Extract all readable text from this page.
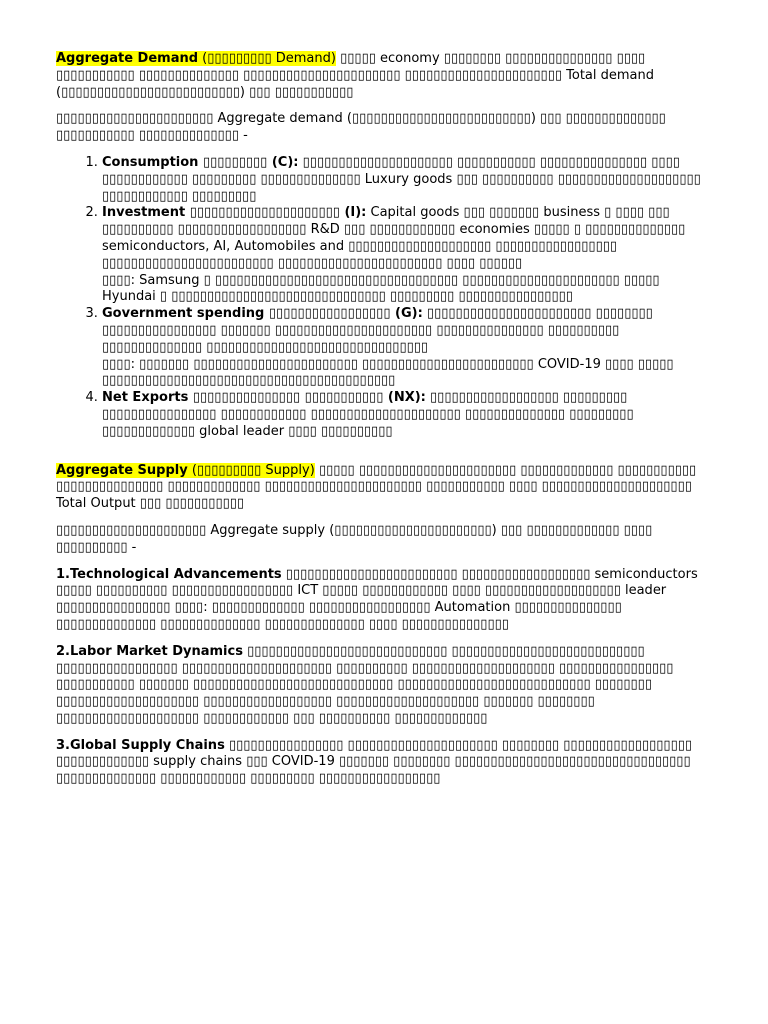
Aggregate Demand (▯▯▯▯▯▯▯▯▯ Demand) ▯▯▯▯▯ economy ▯▯▯▯▯▯▯▯ ▯▯▯▯▯▯▯▯▯▯▯▯▯▯▯ ▯▯▯▯ ▯▯▯▯▯▯▯▯▯▯▯ ▯▯▯▯▯▯▯▯▯▯▯▯▯▯ ▯▯▯▯▯▯▯▯▯▯▯▯▯▯▯▯▯▯▯▯▯▯ ▯▯▯▯▯▯▯▯▯▯▯▯▯▯▯▯▯▯▯▯▯▯ Total demand (▯▯▯▯▯▯▯▯▯▯▯▯▯▯▯▯▯▯▯▯▯▯▯▯▯) ▯▯▯ ▯▯▯▯▯▯▯▯▯▯▯

▯▯▯▯▯▯▯▯▯▯▯▯▯▯▯▯▯▯▯▯▯▯ Aggregate demand (▯▯▯▯▯▯▯▯▯▯▯▯▯▯▯▯▯▯▯▯▯▯▯▯▯) ▯▯▯ ▯▯▯▯▯▯▯▯▯▯▯▯▯▯ ▯▯▯▯▯▯▯▯▯▯▯ ▯▯▯▯▯▯▯▯▯▯▯▯▯▯ -

1. Consumption ▯▯▯▯▯▯▯▯▯ (C): ▯▯▯▯▯▯▯▯▯▯▯▯▯▯▯▯▯▯▯▯▯ ▯▯▯▯▯▯▯▯▯▯▯ ▯▯▯▯▯▯▯▯▯▯▯▯▯▯▯ ▯▯▯▯ ▯▯▯▯▯▯▯▯▯▯▯▯ ▯▯▯▯▯▯▯▯▯ ▯▯▯▯▯▯▯▯▯▯▯▯▯▯ Luxury goods ▯▯▯ ▯▯▯▯▯▯▯▯▯▯ ▯▯▯▯▯▯▯▯▯▯▯▯▯▯▯▯▯▯▯▯ ▯▯▯▯▯▯▯▯▯▯▯▯ ▯▯▯▯▯▯▯▯▯
2. Investment ▯▯▯▯▯▯▯▯▯▯▯▯▯▯▯▯▯▯▯▯▯ (I): Capital goods ▯▯▯ ▯▯▯▯▯▯▯ business ▯ ▯▯▯▯ ▯▯▯ ▯▯▯▯▯▯▯▯▯▯ ▯▯▯▯▯▯▯▯▯▯▯▯▯▯▯▯▯▯ R&D ▯▯▯ ▯▯▯▯▯▯▯▯▯▯▯▯ economies ▯▯▯▯▯ ▯ ▯▯▯▯▯▯▯▯▯▯▯▯▯▯ semiconductors, AI, Automobiles and ▯▯▯▯▯▯▯▯▯▯▯▯▯▯▯▯▯▯▯▯ ▯▯▯▯▯▯▯▯▯▯▯▯▯▯▯▯▯ ▯▯▯▯▯▯▯▯▯▯▯▯▯▯▯▯▯▯▯▯▯▯▯▯ ▯▯▯▯▯▯▯▯▯▯▯▯▯▯▯▯▯▯▯▯▯▯▯ ▯▯▯▯ ▯▯▯▯▯▯
▯▯▯▯: Samsung ▯ ▯▯▯▯▯▯▯▯▯▯▯▯▯▯▯▯▯▯▯▯▯▯▯▯▯▯▯▯▯▯▯▯▯▯ ▯▯▯▯▯▯▯▯▯▯▯▯▯▯▯▯▯▯▯▯▯▯ ▯▯▯▯▯ Hyundai ▯ ▯▯▯▯▯▯▯▯▯▯▯▯▯▯▯▯▯▯▯▯▯▯▯▯▯▯▯▯▯▯ ▯▯▯▯▯▯▯▯▯ ▯▯▯▯▯▯▯▯▯▯▯▯▯▯▯▯
3. Government spending ▯▯▯▯▯▯▯▯▯▯▯▯▯▯▯▯▯ (G): ▯▯▯▯▯▯▯▯▯▯▯▯▯▯▯▯▯▯▯▯▯▯▯ ▯▯▯▯▯▯▯▯ ▯▯▯▯▯▯▯▯▯▯▯▯▯▯▯▯ ▯▯▯▯▯▯▯ ▯▯▯▯▯▯▯▯▯▯▯▯▯▯▯▯▯▯▯▯▯▯ ▯▯▯▯▯▯▯▯▯▯▯▯▯▯▯ ▯▯▯▯▯▯▯▯▯▯ ▯▯▯▯▯▯▯▯▯▯▯▯▯▯ ▯▯▯▯▯▯▯▯▯▯▯▯▯▯▯▯▯▯▯▯▯▯▯▯▯▯▯▯▯▯▯
▯▯▯▯: ▯▯▯▯▯▯▯ ▯▯▯▯▯▯▯▯▯▯▯▯▯▯▯▯▯▯▯▯▯▯▯ ▯▯▯▯▯▯▯▯▯▯▯▯▯▯▯▯▯▯▯▯▯▯▯▯ COVID-19 ▯▯▯▯ ▯▯▯▯▯ ▯▯▯▯▯▯▯▯▯▯▯▯▯▯▯▯▯▯▯▯▯▯▯▯▯▯▯▯▯▯▯▯▯▯▯▯▯▯▯▯▯
4. Net Exports ▯▯▯▯▯▯▯▯▯▯▯▯▯▯▯ ▯▯▯▯▯▯▯▯▯▯▯ (NX): ▯▯▯▯▯▯▯▯▯▯▯▯▯▯▯▯▯▯ ▯▯▯▯▯▯▯▯▯ ▯▯▯▯▯▯▯▯▯▯▯▯▯▯▯▯ ▯▯▯▯▯▯▯▯▯▯▯▯ ▯▯▯▯▯▯▯▯▯▯▯▯▯▯▯▯▯▯▯▯▯ ▯▯▯▯▯▯▯▯▯▯▯▯▯▯ ▯▯▯▯▯▯▯▯▯ ▯▯▯▯▯▯▯▯▯▯▯▯▯ global leader ▯▯▯▯ ▯▯▯▯▯▯▯▯▯▯

Aggregate Supply (▯▯▯▯▯▯▯▯▯ Supply) ▯▯▯▯▯ ▯▯▯▯▯▯▯▯▯▯▯▯▯▯▯▯▯▯▯▯▯▯ ▯▯▯▯▯▯▯▯▯▯▯▯▯ ▯▯▯▯▯▯▯▯▯▯▯ ▯▯▯▯▯▯▯▯▯▯▯▯▯▯▯ ▯▯▯▯▯▯▯▯▯▯▯▯▯ ▯▯▯▯▯▯▯▯▯▯▯▯▯▯▯▯▯▯▯▯▯▯ ▯▯▯▯▯▯▯▯▯▯▯ ▯▯▯▯ ▯▯▯▯▯▯▯▯▯▯▯▯▯▯▯▯▯▯▯▯▯ Total Output ▯▯▯ ▯▯▯▯▯▯▯▯▯▯▯

▯▯▯▯▯▯▯▯▯▯▯▯▯▯▯▯▯▯▯▯▯ Aggregate supply (▯▯▯▯▯▯▯▯▯▯▯▯▯▯▯▯▯▯▯▯▯▯) ▯▯▯ ▯▯▯▯▯▯▯▯▯▯▯▯▯ ▯▯▯▯ ▯▯▯▯▯▯▯▯▯▯ -

1.Technological Advancements ▯▯▯▯▯▯▯▯▯▯▯▯▯▯▯▯▯▯▯▯▯▯▯▯ ▯▯▯▯▯▯▯▯▯▯▯▯▯▯▯▯▯▯ semiconductors ▯▯▯▯▯ ▯▯▯▯▯▯▯▯▯▯ ▯▯▯▯▯▯▯▯▯▯▯▯▯▯▯▯▯ ICT ▯▯▯▯▯ ▯▯▯▯▯▯▯▯▯▯▯▯ ▯▯▯▯ ▯▯▯▯▯▯▯▯▯▯▯▯▯▯▯▯▯▯▯ leader ▯▯▯▯▯▯▯▯▯▯▯▯▯▯▯▯ ▯▯▯▯: ▯▯▯▯▯▯▯▯▯▯▯▯▯ ▯▯▯▯▯▯▯▯▯▯▯▯▯▯▯▯▯ Automation ▯▯▯▯▯▯▯▯▯▯▯▯▯▯▯ ▯▯▯▯▯▯▯▯▯▯▯▯▯▯ ▯▯▯▯▯▯▯▯▯▯▯▯▯▯ ▯▯▯▯▯▯▯▯▯▯▯▯▯▯ ▯▯▯▯ ▯▯▯▯▯▯▯▯▯▯▯▯▯▯▯

2.Labor Market Dynamics ▯▯▯▯▯▯▯▯▯▯▯▯▯▯▯▯▯▯▯▯▯▯▯▯▯▯▯▯ ▯▯▯▯▯▯▯▯▯▯▯▯▯▯▯▯▯▯▯▯▯▯▯▯▯▯▯ ▯▯▯▯▯▯▯▯▯▯▯▯▯▯▯▯▯ ▯▯▯▯▯▯▯▯▯▯▯▯▯▯▯▯▯▯▯▯▯ ▯▯▯▯▯▯▯▯▯▯ ▯▯▯▯▯▯▯▯▯▯▯▯▯▯▯▯▯▯▯▯ ▯▯▯▯▯▯▯▯▯▯▯▯▯▯▯▯ ▯▯▯▯▯▯▯▯▯▯▯ ▯▯▯▯▯▯▯ ▯▯▯▯▯▯▯▯▯▯▯▯▯▯▯▯▯▯▯▯▯▯▯▯▯▯▯▯ ▯▯▯▯▯▯▯▯▯▯▯▯▯▯▯▯▯▯▯▯▯▯▯▯▯▯▯ ▯▯▯▯▯▯▯▯ ▯▯▯▯▯▯▯▯▯▯▯▯▯▯▯▯▯▯▯▯ ▯▯▯▯▯▯▯▯▯▯▯▯▯▯▯▯▯▯ ▯▯▯▯▯▯▯▯▯▯▯▯▯▯▯▯▯▯▯▯ ▯▯▯▯▯▯▯ ▯▯▯▯▯▯▯▯ ▯▯▯▯▯▯▯▯▯▯▯▯▯▯▯▯▯▯▯▯ ▯▯▯▯▯▯▯▯▯▯▯▯ ▯▯▯ ▯▯▯▯▯▯▯▯▯▯ ▯▯▯▯▯▯▯▯▯▯▯▯▯

3.Global Supply Chains ▯▯▯▯▯▯▯▯▯▯▯▯▯▯▯▯ ▯▯▯▯▯▯▯▯▯▯▯▯▯▯▯▯▯▯▯▯▯ ▯▯▯▯▯▯▯▯ ▯▯▯▯▯▯▯▯▯▯▯▯▯▯▯▯▯▯ ▯▯▯▯▯▯▯▯▯▯▯▯▯ supply chains ▯▯▯ COVID-19 ▯▯▯▯▯▯▯ ▯▯▯▯▯▯▯▯ ▯▯▯▯▯▯▯▯▯▯▯▯▯▯▯▯▯▯▯▯▯▯▯▯▯▯▯▯▯▯▯▯▯ ▯▯▯▯▯▯▯▯▯▯▯▯▯▯ ▯▯▯▯▯▯▯▯▯▯▯▯ ▯▯▯▯▯▯▯▯▯ ▯▯▯▯▯▯▯▯▯▯▯▯▯▯▯▯▯
